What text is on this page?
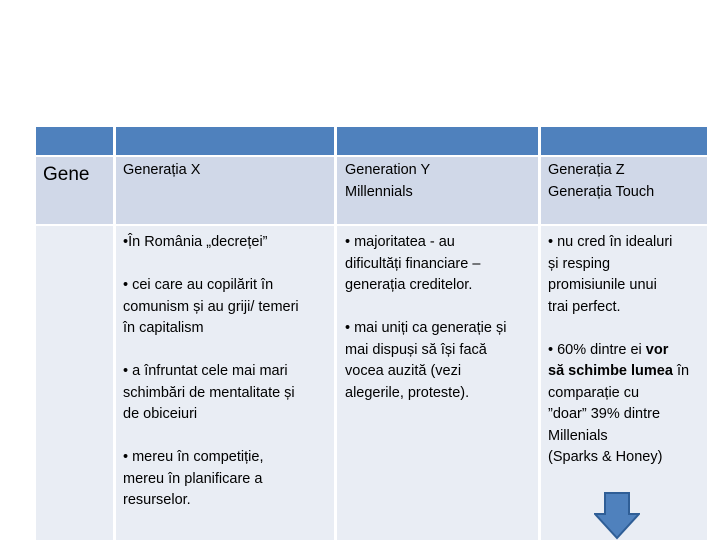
Gene Generația X	Generation Y
Millennials
Generația Z
Generația Touch
•În România „decreței”
• cei care au copilărit în
comunism și au griji/ temeri
în capitalism
• a înfruntat cele mai mari
schimbări de mentalitate și
de obiceiuri
• mereu în competiție,
mereu în planificare a
resurselor.
• majoritatea - au
dificultăți financiare –
generația creditelor.
• mai uniți ca generație și
mai dispuși să își facă
vocea auzită (vezi
alegerile, proteste).
• nu cred în idealuri
și resping
promisiunile unui
trai perfect.
• 60% dintre ei vor
să schimbe lumea în
comparație cu
”doar” 39% dintre
Millenials
(Sparks & Honey)
